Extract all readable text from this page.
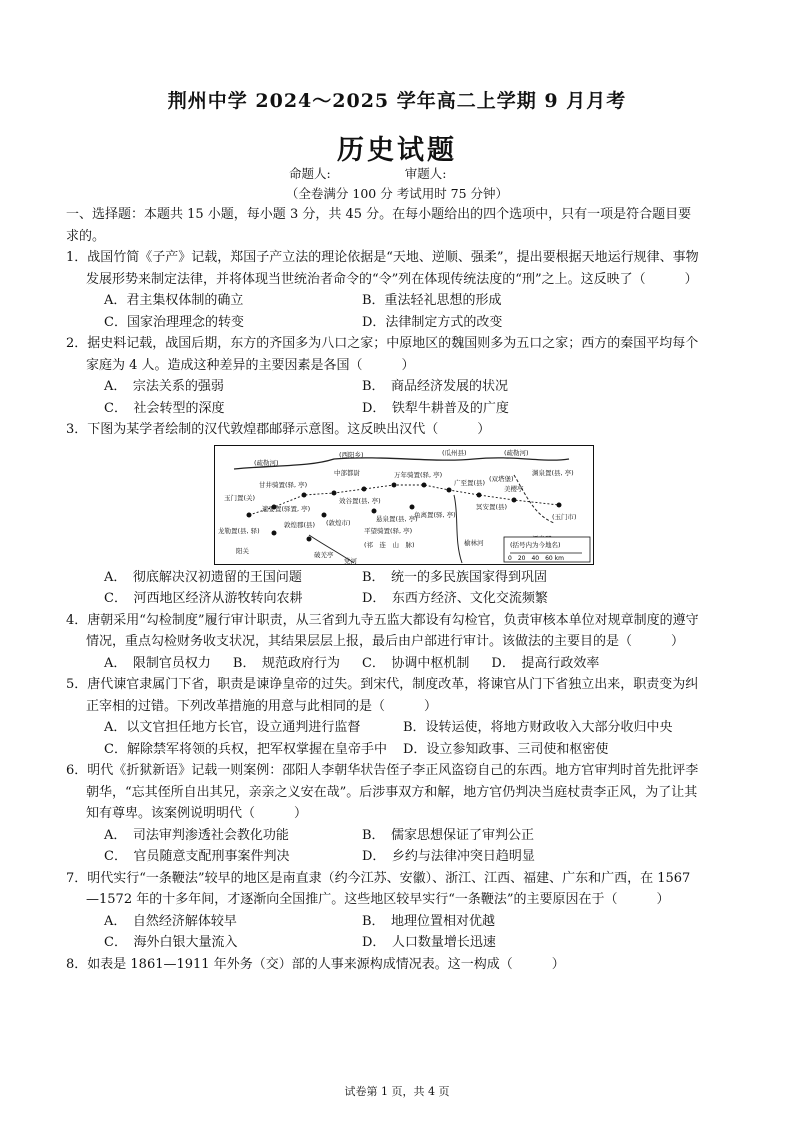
荆州中学 2024～2025 学年高二上学期 9 月月考
历史试题
命题人:	审题人:
（全卷满分 100 分 考试用时 75 分钟）

一、选择题：本题共 15 小题，每小题 3 分，共 45 分。在每小题给出的四个选项中，只有一项是符合题目要求的。

1．战国竹简《子产》记载，郑国子产立法的理论依据是“天地、逆顺、强柔”，提出要根据天地运行规律、事物发展形势来制定法律，并将体现当世统治者命令的“令”列在体现传统法度的“刑”之上。这反映了（　　　）

A．君主集权体制的确立	B．重法轻礼思想的形成
C．国家治理理念的转变	D．法律制定方式的改变

2．据史料记载，战国后期，东方的齐国多为八口之家；中原地区的魏国则多为五口之家；西方的秦国平均每个家庭为 4 人。造成这种差异的主要因素是各国（　　　）

A．　宗法关系的强弱	B．　商品经济发展的状况
C．　社会转型的深度	D．　铁犁牛耕普及的广度

3．下图为某学者绘制的汉代敦煌郡邮驿示意图。这反映出汉代（　　　）

(疏勒河)
(西阳乡)	(瓜州县)	(疏勒河)
渊泉置(县, 亭)
玉门置(关)
中部都尉
甘井骑置(驿, 亭)
效谷置(县, 亭)
万年骑置(驿, 亭)
广至置(县) (双塔堡)
遮要置(驿置, 亭)
敦煌郡(县) (敦煌市)	悬泉置(县, 亭)
鱼离置(驿, 亭)
冥安置(县)
美樱亭
平望骑置(驿, 亭)
龙勒置(县, 驿)
阳关
(祁　连　山　脉)
(玉门市)
破羌亭
榆林河
党河
(括号内为今地名)
0　20　40　60 km
A．　彻底解决汉初遗留的王国问题	B．　统一的多民族国家得到巩固
C．　河西地区经济从游牧转向农耕	D．　东西方经济、文化交流频繁

4．唐朝采用“勾检制度”履行审计职责，从三省到九寺五监大都设有勾检官，负责审核本单位对规章制度的遵守情况，重点勾检财务收支状况，其结果层层上报，最后由户部进行审计。该做法的主要目的是（　　　）

A．　限制官员权力 B．　规范政府行为 C．　协调中枢机制 D．　提高行政效率

5．唐代谏官隶属门下省，职责是谏诤皇帝的过失。到宋代，制度改革，将谏官从门下省独立出来，职责变为纠正宰相的过错。下列改革措施的用意与此相同的是（　　　）

A．以文官担任地方长官，设立通判进行监督	B．设转运使，将地方财政收入大部分收归中央
C．解除禁军将领的兵权，把军权掌握在皇帝手中	D．设立参知政事、三司使和枢密使

6．明代《折狱新语》记载一则案例：邵阳人李朝华状告侄子李正风盗窃自己的东西。地方官审判时首先批评李朝华，“忘其侄所自出其兄，亲亲之义安在哉”。后涉事双方和解，地方官仍判决当庭杖责李正风，为了让其知有尊卑。该案例说明明代（　　　）

A．　司法审判渗透社会教化功能	B．　儒家思想保证了审判公正
C．　官员随意支配刑事案件判决	D．　乡约与法律冲突日趋明显

7．明代实行“一条鞭法”较早的地区是南直隶（约今江苏、安徽）、浙江、江西、福建、广东和广西，在 1567—1572 年的十多年间，才逐渐向全国推广。这些地区较早实行“一条鞭法”的主要原因在于（　　　）

A．　自然经济解体较早	B．　地理位置相对优越
C．　海外白银大量流入	D．　人口数量增长迅速

8．如表是 1861—1911 年外务（交）部的人事来源构成情况表。这一构成（　　　）

试卷第 1 页，共 4 页
